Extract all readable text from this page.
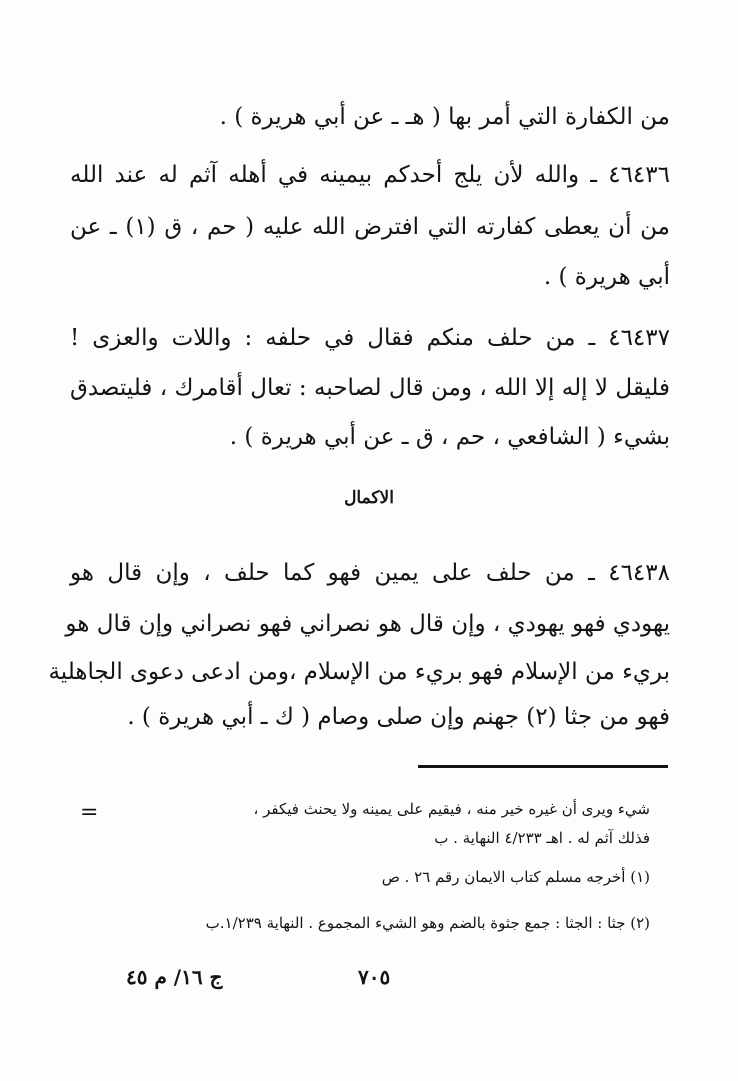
من الكفارة التي أمر بها ( هـ ـ عن أبي هريرة ) .
٤٦٤٣٦ ـ والله لأن يلج أحدكم بيمينه في أهله آثم له عند الله
من أن يعطى كفارته التي افترض الله عليه ( حم ، ق (١) ـ عن
أبي هريرة ) .
٤٦٤٣٧ ـ من حلف منكم فقال في حلفه : واللات والعزى !
فليقل لا إله إلا الله ، ومن قال لصاحبه : تعال أقامرك ، فليتصدق
بشيء ( الشافعي ، حم ، ق ـ عن أبي هريرة ) .
الاكمال
٤٦٤٣٨ ـ من حلف على يمين فهو كما حلف ، وإن قال هو
يهودي فهو يهودي ، وإن قال هو نصراني فهو نصراني وإن قال هو
بريء من الإسلام فهو بريء من الإسلام ،ومن ادعى دعوى الجاهلية
فهو من جثا (٢) جهنم وإن صلى وصام ( ك ـ أبي هريرة ) .
=	شيء ويرى أن غيره خير منه ، فيقيم على يمينه ولا يحنث فيكفر ،
فذلك آثم له . اهـ ٤/٢٣٣ النهاية . ب
(١) أخرجه مسلم كتاب الايمان رقم ٢٦ . ص
(٢) جثا : الجثا : جمع جثوة بالضم وهو الشيء المجموع . النهاية ١/٢٣٩.ب
ج ١٦/ م ٤٥	٧٠٥
